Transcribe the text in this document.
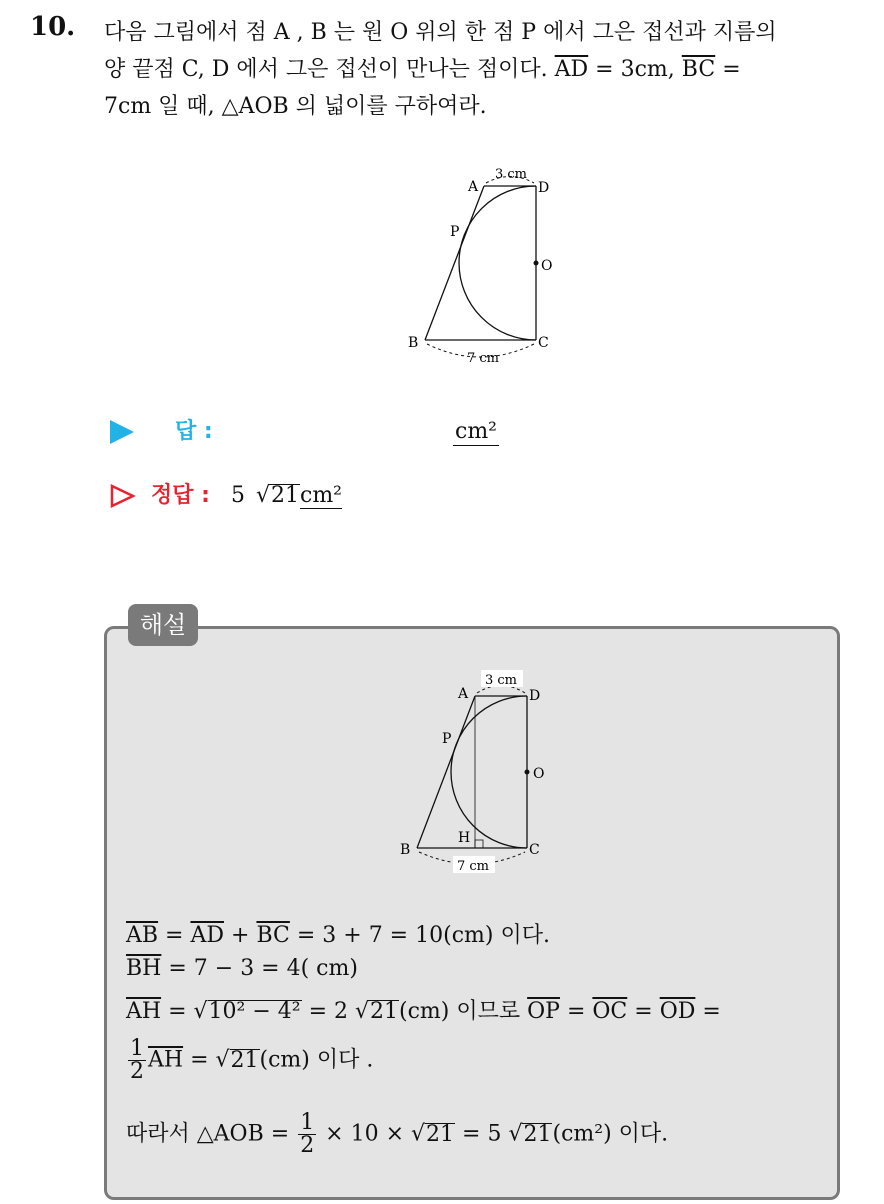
10. 다음 그림에서 점 A , B 는 원 O 위의 한 점 P 에서 그은 접선과 지름의
양 끝점 C, D 에서 그은 접선이 만나는 점이다. $\overline{AD} = 3cm$, $\overline{BC}$ =
7cm 일 때, △AOB 의 넓이를 구하여라.
3 cm
7 cm
A	D
P
O
B	C
답 :	cm²
정답 : 5 √21cm²
해설
3 cm
7 cm
A	D
P
O
B	C
H
$\overline{AB} = \overline{AD} + \overline{BC} = 3 + 7 = 10(cm)$ 이다.
$\overline{BH} = 7 - 3 = 4$( cm)
$\overline{AH} = √10^2 - 4^2 = 2$ √21(cm) 이므로 $\overline{OP} = \overline{OC} = \overline{OD}$ =
$\frac{1}{2} \overline{AH} = √21(cm)$ 이다 .
따라서 △AOB = $\frac{1}{2} \times 10 \times √21 = 5$ √21(cm²) 이다.
